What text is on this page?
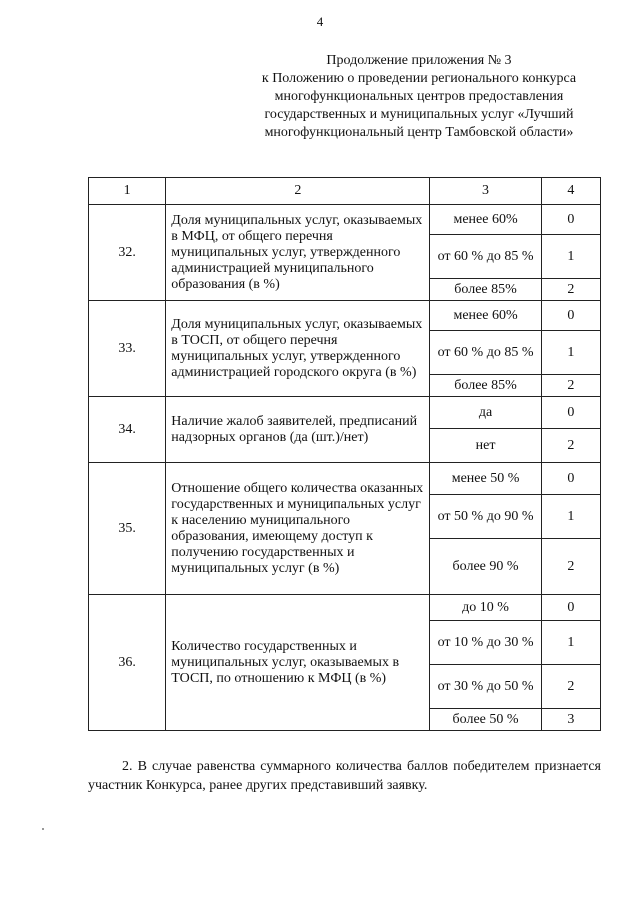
4
Продолжение приложения № 3
к Положению о проведении регионального конкурса
многофункциональных центров предоставления
государственных и муниципальных услуг «Лучший
многофункциональный центр Тамбовской области»
1	2	3	4
32.	Доля муниципальных услуг, оказываемых в МФЦ, от общего перечня муниципальных услуг, утвержденного администрацией муниципального образования (в %)	менее 60%	0
		от 60 % до 85 %	1
		более 85%	2
33.	Доля муниципальных услуг, оказываемых в ТОСП, от общего перечня муниципальных услуг, утвержденного администрацией городского округа (в %)	менее 60%	0
		от 60 % до 85 %	1
		более 85%	2
34.	Наличие жалоб заявителей, предписаний надзорных органов (да (шт.)/нет)	да	0
		нет	2
35.	Отношение общего количества оказанных государственных и муниципальных услуг к населению муниципального образования, имеющему доступ к получению государственных и муниципальных услуг (в %)	менее 50 %	0
		от 50 % до 90 %	1
		более 90 %	2
36.	Количество государственных и муниципальных услуг, оказываемых в ТОСП, по отношению к МФЦ (в %)	до 10 %	0
		от 10 % до 30 %	1
		от 30 % до 50 %	2
		более 50 %	3
2. В случае равенства суммарного количества баллов победителем признается участник Конкурса, ранее других представивший заявку.
